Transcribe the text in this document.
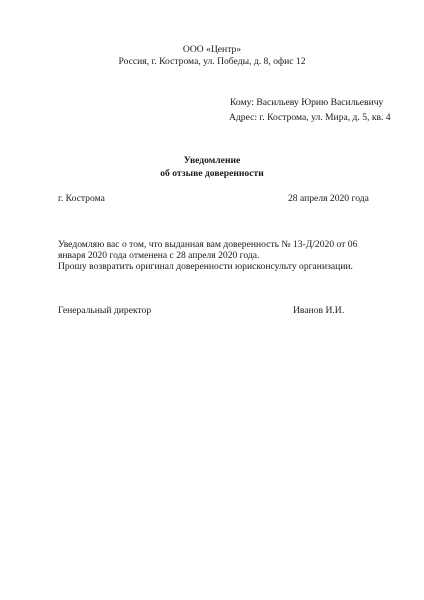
ООО «Центр»
Россия, г. Кострома, ул. Победы, д. 8, офис 12
Кому: Васильеву Юрию Васильевичу
Адрес: г. Кострома, ул. Мира, д. 5, кв. 4
Уведомление
об отзыве доверенности
г. Кострома	28 апреля 2020 года
Уведомляю вас о том, что выданная вам доверенность № 13-Д/2020 от 06
января 2020 года отменена с 28 апреля 2020 года.
Прошу возвратить оригинал доверенности юрисконсульту организации.
Генеральный директор	Иванов И.И.
